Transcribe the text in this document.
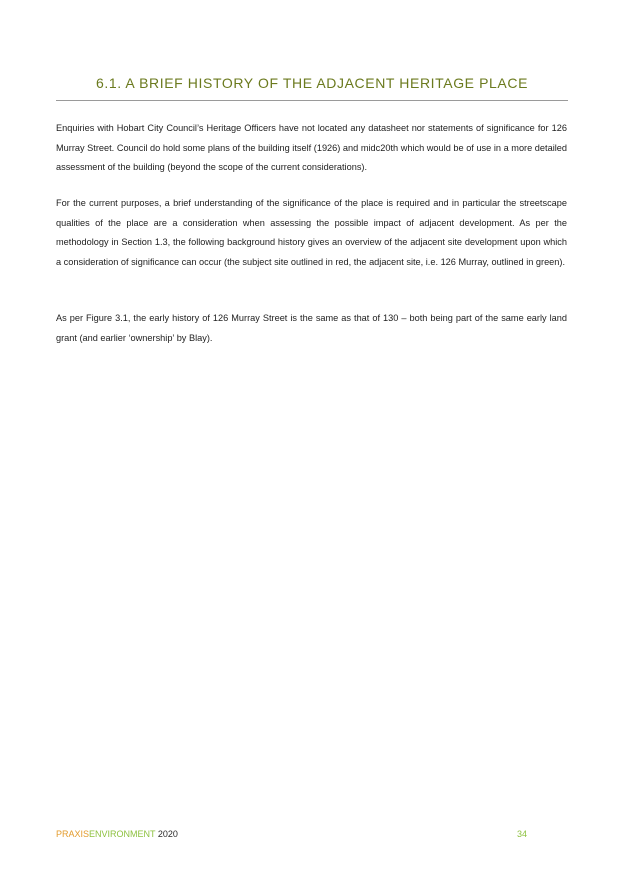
6.1. A BRIEF HISTORY OF THE ADJACENT HERITAGE PLACE

Enquiries with Hobart City Council’s Heritage Officers have not located any datasheet nor statements of significance for 126 Murray Street. Council do hold some plans of the building itself (1926) and midc20th which would be of use in a more detailed assessment of the building (beyond the scope of the current considerations).

For the current purposes, a brief understanding of the significance of the place is required and in particular the streetscape qualities of the place are a consideration when assessing the possible impact of adjacent development. As per the methodology in Section 1.3, the following background history gives an overview of the adjacent site development upon which a consideration of significance can occur (the subject site outlined in red, the adjacent site, i.e. 126 Murray, outlined in green).

As per Figure 3.1, the early history of 126 Murray Street is the same as that of 130 – both being part of the same early land grant (and earlier ‘ownership’ by Blay).

PRAXISENVIRONMENT 2020	34
